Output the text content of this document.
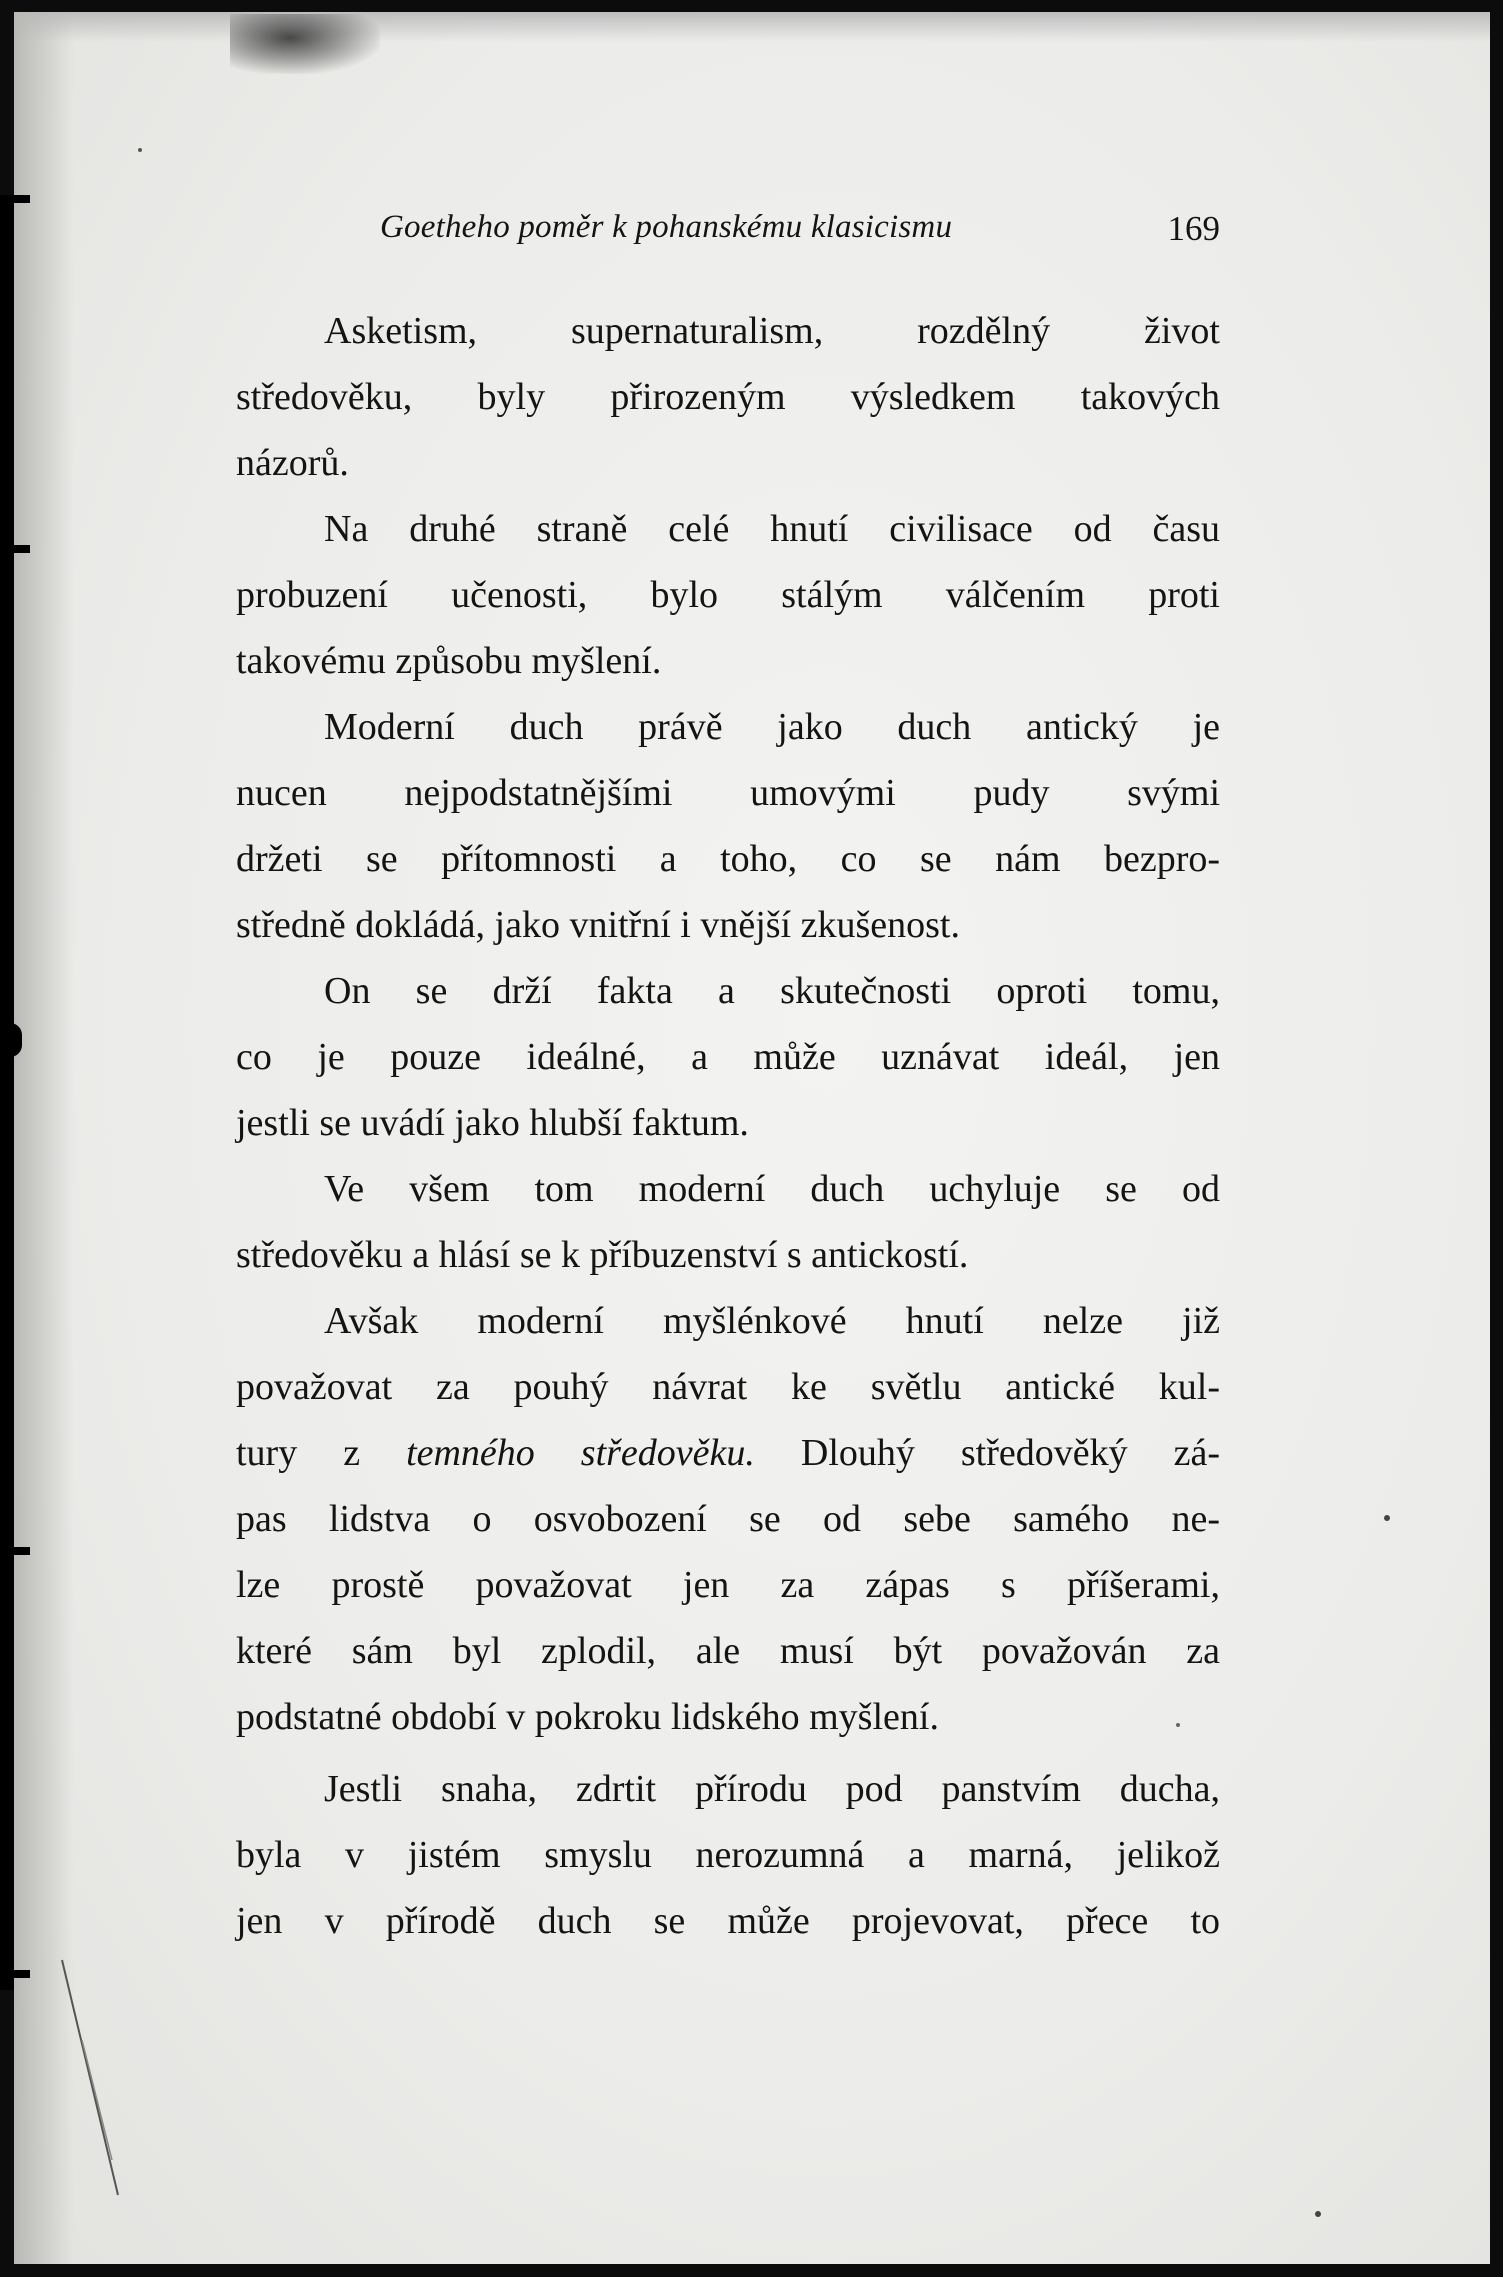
Goetheho poměr k pohanskému klasicismu	169
Asketism, supernaturalism, rozdělný život
středověku, byly přirozeným výsledkem takových
názorů.
Na druhé straně celé hnutí civilisace od času
probuzení učenosti, bylo stálým válčením proti
takovému způsobu myšlení.
Moderní duch právě jako duch antický je
nucen nejpodstatnějšími umovými pudy svými
držeti se přítomnosti a toho, co se nám bezpro-
středně dokládá, jako vnitřní i vnější zkušenost.
On se drží fakta a skutečnosti oproti tomu,
co je pouze ideálné, a může uznávat ideál, jen
jestli se uvádí jako hlubší faktum.
Ve všem tom moderní duch uchyluje se od
středověku a hlásí se k příbuzenství s antickostí.
Avšak moderní myšlénkové hnutí nelze již
považovat za pouhý návrat ke světlu antické kul-
tury z temného středověku. Dlouhý středověký zá-
pas lidstva o osvobození se od sebe samého ne-
lze prostě považovat jen za zápas s příšerami,
které sám byl zplodil, ale musí být považován za
podstatné období v pokroku lidského myšlení.
Jestli snaha, zdrtit přírodu pod panstvím ducha,
byla v jistém smyslu nerozumná a marná, jelikož
jen v přírodě duch se může projevovat, přece to
